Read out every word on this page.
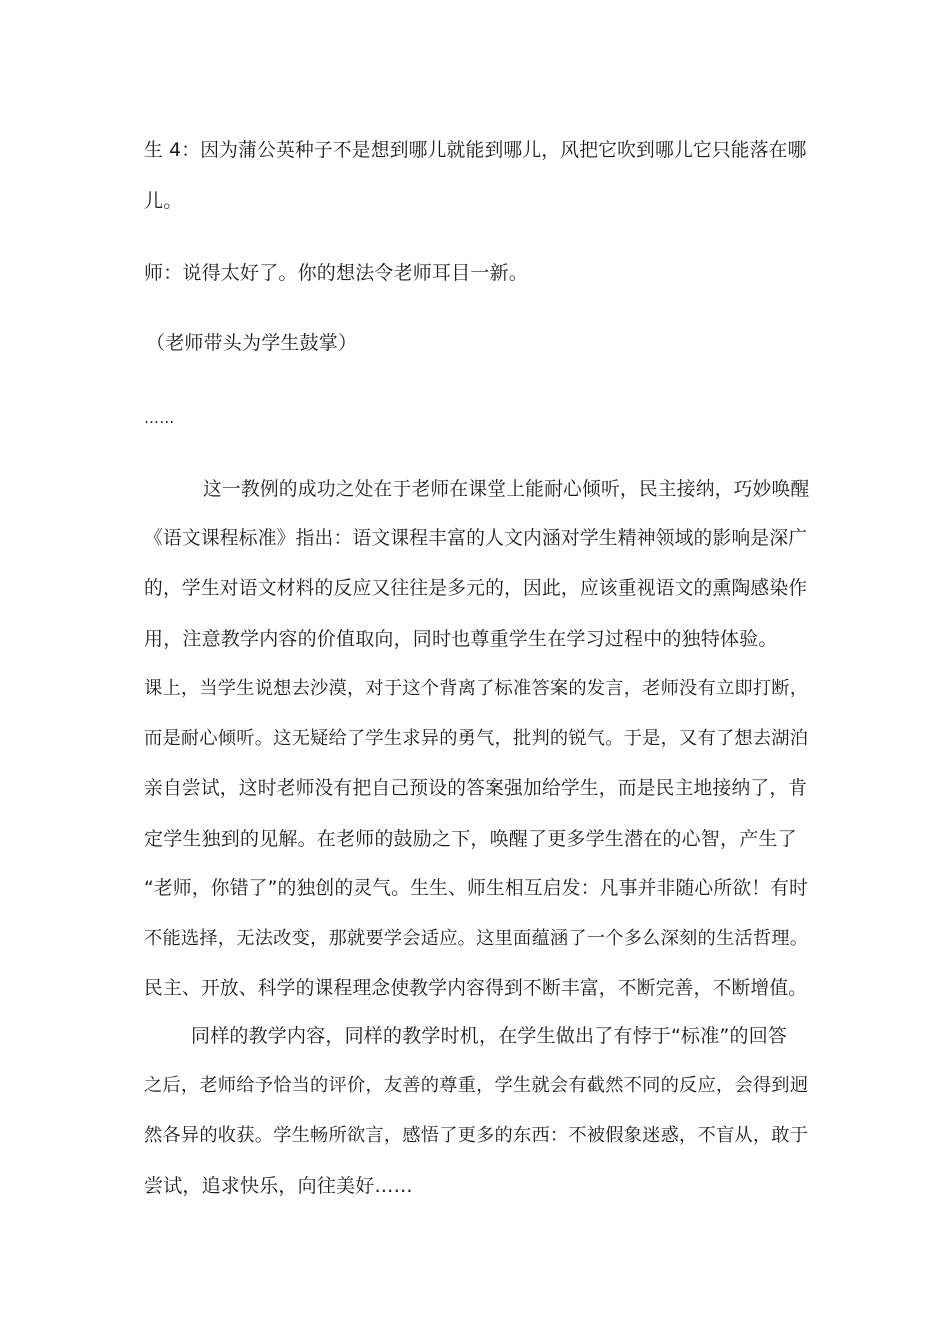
生 4：因为蒲公英种子不是想到哪儿就能到哪儿，风把它吹到哪儿它只能落在哪
儿。
师：说得太好了。你的想法令老师耳目一新。
（老师带头为学生鼓掌）
……
这一教例的成功之处在于老师在课堂上能耐心倾听，民主接纳，巧妙唤醒
《语文课程标准》指出：语文课程丰富的人文内涵对学生精神领域的影响是深广
的，学生对语文材料的反应又往往是多元的，因此，应该重视语文的熏陶感染作
用，注意教学内容的价值取向，同时也尊重学生在学习过程中的独特体验。
课上，当学生说想去沙漠，对于这个背离了标准答案的发言，老师没有立即打断，
而是耐心倾听。这无疑给了学生求异的勇气，批判的锐气。于是，又有了想去湖泊
亲自尝试，这时老师没有把自己预设的答案强加给学生，而是民主地接纳了，肯
定学生独到的见解。在老师的鼓励之下，唤醒了更多学生潜在的心智，产生了
“老师，你错了”的独创的灵气。生生、师生相互启发：凡事并非随心所欲！有时
不能选择，无法改变，那就要学会适应。这里面蕴涵了一个多么深刻的生活哲理。
民主、开放、科学的课程理念使教学内容得到不断丰富，不断完善，不断增值。
同样的教学内容，同样的教学时机，在学生做出了有悖于“标准”的回答
之后，老师给予恰当的评价，友善的尊重，学生就会有截然不同的反应，会得到迥
然各异的收获。学生畅所欲言，感悟了更多的东西：不被假象迷惑，不盲从，敢于
尝试，追求快乐，向往美好……
